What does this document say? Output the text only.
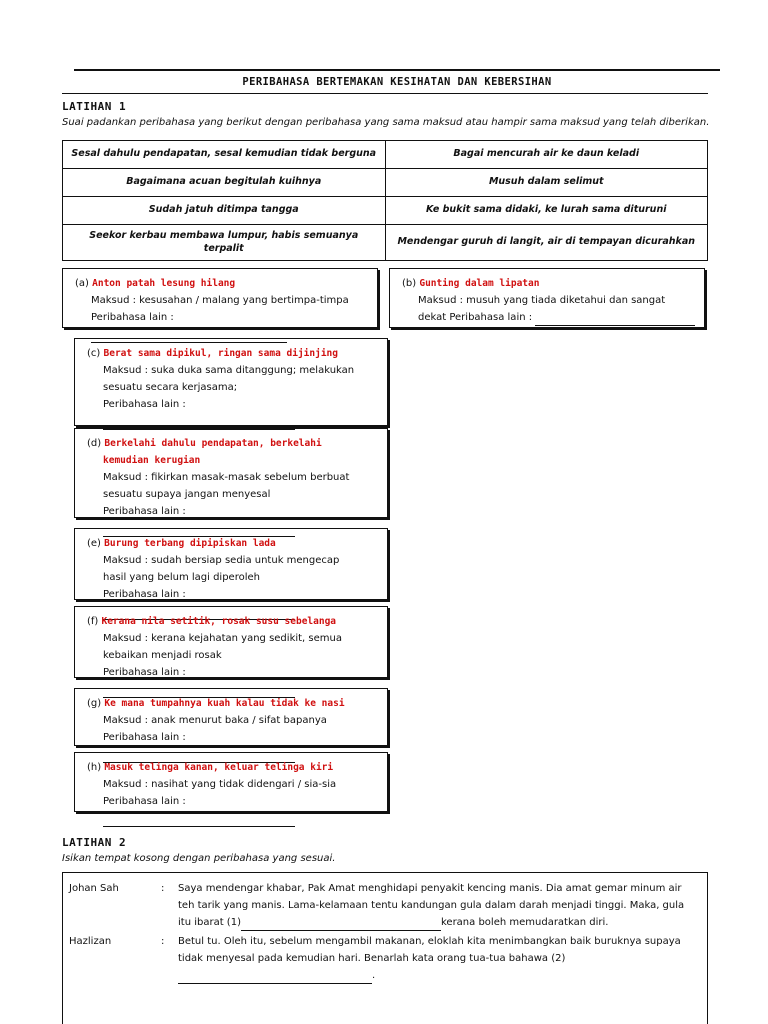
PERIBAHASA BERTEMAKAN KESIHATAN DAN KEBERSIHAN
LATIHAN 1
Suai padankan peribahasa yang berikut dengan peribahasa yang sama maksud atau hampir sama maksud yang telah diberikan.
Sesal dahulu pendapatan, sesal kemudian tidak berguna	Bagai mencurah air ke daun keladi
Bagaimana acuan begitulah kuihnya	Musuh dalam selimut
Sudah jatuh ditimpa tangga	Ke bukit sama didaki, ke lurah sama dituruni
Seekor kerbau membawa lumpur, habis semuanya terpalit	Mendengar guruh di langit, air di tempayan dicurahkan
(a) Anton patah lesung hilang
Maksud : kesusahan / malang yang bertimpa-timpa
Peribahasa lain :
(b) Gunting dalam lipatan
Maksud : musuh yang tiada diketahui dan sangat
dekat Peribahasa lain :
(c) Berat sama dipikul, ringan sama dijinjing
Maksud : suka duka sama ditanggung; melakukan
sesuatu secara kerjasama;
Peribahasa lain :
(d) Berkelahi dahulu pendapatan, berkelahi
kemudian kerugian
Maksud : fikirkan masak-masak sebelum berbuat
sesuatu supaya jangan menyesal
Peribahasa lain :
(e) Burung terbang dipipiskan lada
Maksud : sudah bersiap sedia untuk mengecap
hasil yang belum lagi diperoleh
Peribahasa lain :
(f) Kerana nila setitik, rosak susu sebelanga
Maksud : kerana kejahatan yang sedikit, semua
kebaikan menjadi rosak
Peribahasa lain :
(g) Ke mana tumpahnya kuah kalau tidak ke nasi
Maksud : anak menurut baka / sifat bapanya
Peribahasa lain :
(h) Masuk telinga kanan, keluar telinga kiri
Maksud : nasihat yang tidak didengari / sia-sia
Peribahasa lain :
LATIHAN 2
Isikan tempat kosong dengan peribahasa yang sesuai.
Johan Sah	: Saya mendengar khabar, Pak Amat menghidapi penyakit kencing manis. Dia amat gemar minum air
teh tarik yang manis. Lama-kelamaan tentu kandungan gula dalam darah menjadi tinggi. Maka, gula
itu ibarat (1)	kerana boleh memudaratkan diri.
Hazlizan	: Betul tu. Oleh itu, sebelum mengambil makanan, eloklah kita menimbangkan baik buruknya supaya
tidak menyesal pada kemudian hari. Benarlah kata orang tua-tua bahawa (2)
.
